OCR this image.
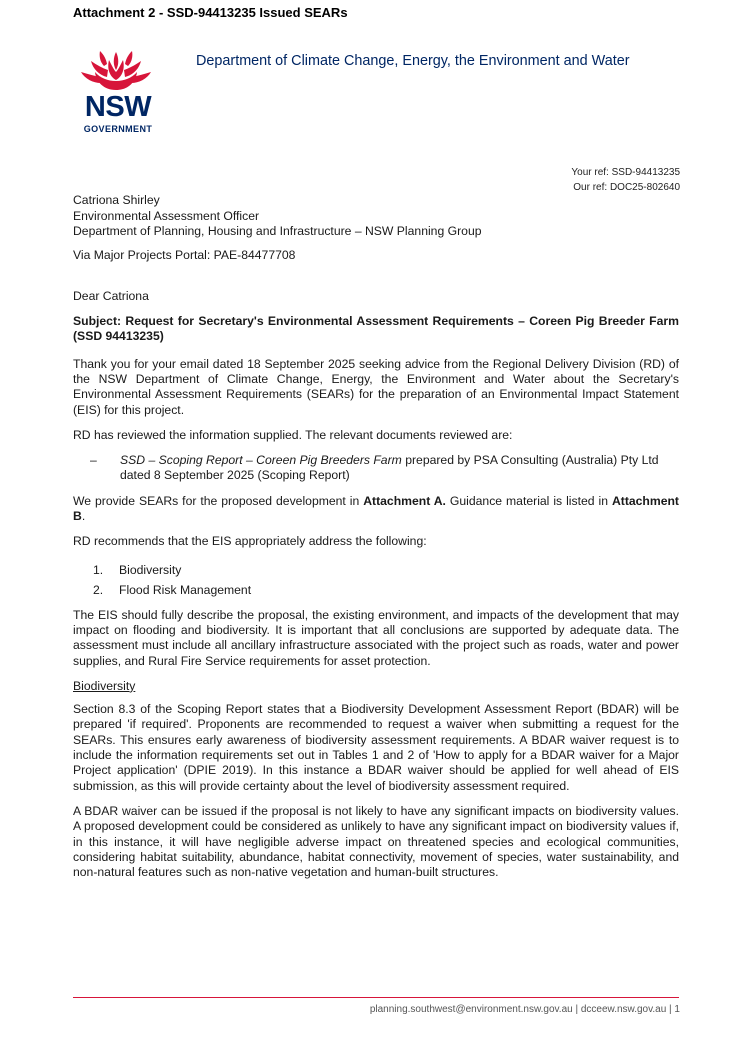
Attachment 2 - SSD-94413235 Issued SEARs
NSW
GOVERNMENT
Department of Climate Change, Energy, the Environment and Water
Your ref: SSD-94413235
Our ref: DOC25-802640
Catriona Shirley
Environmental Assessment Officer
Department of Planning, Housing and Infrastructure – NSW Planning Group

Via Major Projects Portal: PAE-84477708

Dear Catriona

Subject: Request for Secretary's Environmental Assessment Requirements – Coreen Pig Breeder Farm (SSD 94413235)

Thank you for your email dated 18 September 2025 seeking advice from the Regional Delivery Division (RD) of the NSW Department of Climate Change, Energy, the Environment and Water about the Secretary's Environmental Assessment Requirements (SEARs) for the preparation of an Environmental Impact Statement (EIS) for this project.

RD has reviewed the information supplied. The relevant documents reviewed are:

–	SSD – Scoping Report – Coreen Pig Breeders Farm prepared by PSA Consulting (Australia) Pty Ltd dated 8 September 2025 (Scoping Report)

We provide SEARs for the proposed development in Attachment A. Guidance material is listed in Attachment B.

RD recommends that the EIS appropriately address the following:

1.	Biodiversity
2.	Flood Risk Management

The EIS should fully describe the proposal, the existing environment, and impacts of the development that may impact on flooding and biodiversity. It is important that all conclusions are supported by adequate data. The assessment must include all ancillary infrastructure associated with the project such as roads, water and power supplies, and Rural Fire Service requirements for asset protection.

Biodiversity

Section 8.3 of the Scoping Report states that a Biodiversity Development Assessment Report (BDAR) will be prepared 'if required'. Proponents are recommended to request a waiver when submitting a request for the SEARs. This ensures early awareness of biodiversity assessment requirements. A BDAR waiver request is to include the information requirements set out in Tables 1 and 2 of 'How to apply for a BDAR waiver for a Major Project application' (DPIE 2019). In this instance a BDAR waiver should be applied for well ahead of EIS submission, as this will provide certainty about the level of biodiversity assessment required.

A BDAR waiver can be issued if the proposal is not likely to have any significant impacts on biodiversity values. A proposed development could be considered as unlikely to have any significant impact on biodiversity values if, in this instance, it will have negligible adverse impact on threatened species and ecological communities, considering habitat suitability, abundance, habitat connectivity, movement of species, water sustainability, and non-natural features such as non-native vegetation and human-built structures.

planning.southwest@environment.nsw.gov.au | dcceew.nsw.gov.au | 1
